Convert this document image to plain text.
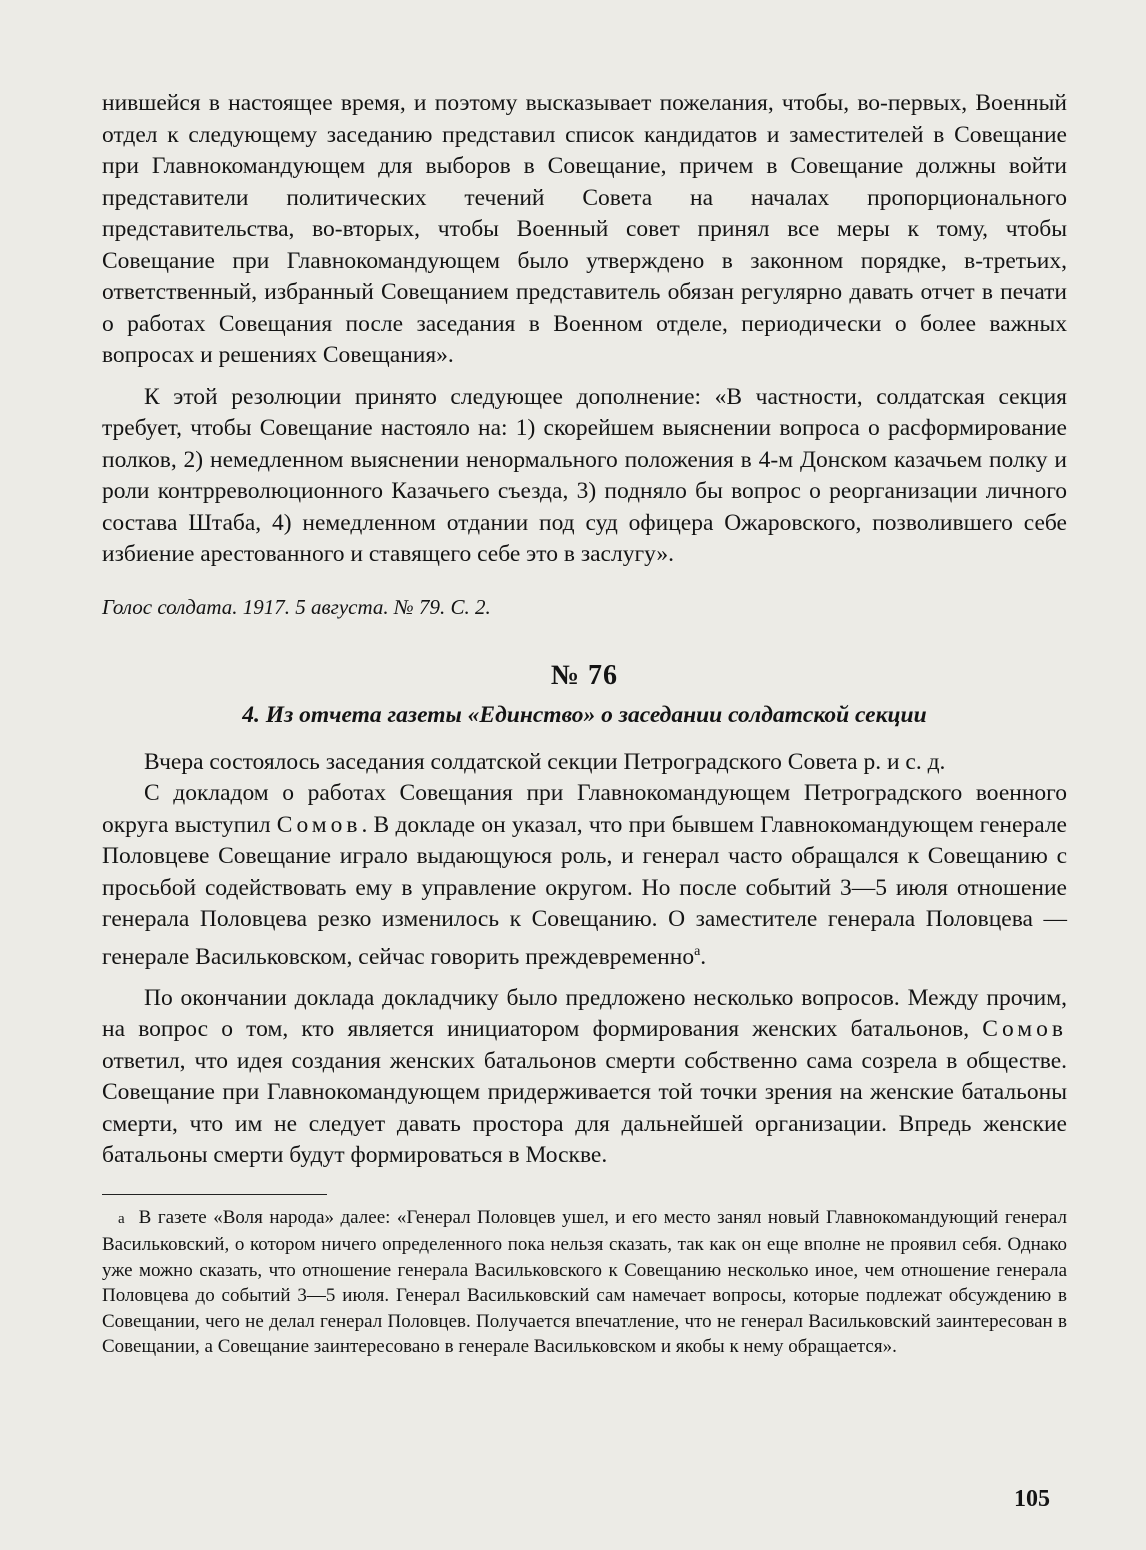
нившейся в настоящее время, и поэтому высказывает пожелания, чтобы, во-первых, Военный отдел к следующему заседанию представил список кандидатов и заместителей в Совещание при Главнокомандующем для выборов в Совещание, причем в Совещание должны войти представители политических течений Совета на началах пропорционального представительства, во-вторых, чтобы Военный совет принял все меры к тому, чтобы Совещание при Главнокомандующем было утверждено в законном порядке, в-третьих, ответственный, избранный Совещанием представитель обязан регулярно давать отчет в печати о работах Совещания после заседания в Военном отделе, периодически о более важных вопросах и решениях Совещания».

К этой резолюции принято следующее дополнение: «В частности, солдатская секция требует, чтобы Совещание настояло на: 1) скорейшем выяснении вопроса о расформирование полков, 2) немедленном выяснении ненормального положения в 4-м Донском казачьем полку и роли контрреволюционного Казачьего съезда, 3) подняло бы вопрос о реорганизации личного состава Штаба, 4) немедленном отдании под суд офицера Ожаровского, позволившего себе избиение арестованного и ставящего себе это в заслугу».

Голос солдата. 1917. 5 августа. № 79. С. 2.

№ 76

4. Из отчета газеты «Единство» о заседании солдатской секции

Вчера состоялось заседания солдатской секции Петроградского Совета р. и с. д.

С докладом о работах Совещания при Главнокомандующем Петроградского военного округа выступил Сомов. В докладе он указал, что при бывшем Главнокомандующем генерале Половцеве Совещание играло выдающуюся роль, и генерал часто обращался к Совещанию с просьбой содействовать ему в управление округом. Но после событий 3—5 июля отношение генерала Половцева резко изменилось к Совещанию. О заместителе генерала Половцева — генерале Васильковском, сейчас говорить преждевременно$^а$.

По окончании доклада докладчику было предложено несколько вопросов. Между прочим, на вопрос о том, кто является инициатором формирования женских батальонов, Сомов ответил, что идея создания женских батальонов смерти собственно сама созрела в обществе. Совещание при Главнокомандующем придерживается той точки зрения на женские батальоны смерти, что им не следует давать простора для дальнейшей организации. Впредь женские батальоны смерти будут формироваться в Москве.

а В газете «Воля народа» далее: «Генерал Половцев ушел, и его место занял новый Главнокомандующий генерал Васильковский, о котором ничего определенного пока нельзя сказать, так как он еще вполне не проявил себя. Однако уже можно сказать, что отношение генерала Васильковского к Совещанию несколько иное, чем отношение генерала Половцева до событий 3—5 июля. Генерал Васильковский сам намечает вопросы, которые подлежат обсуждению в Совещании, чего не делал генерал Половцев. Получается впечатление, что не генерал Васильковский заинтересован в Совещании, а Совещание заинтересовано в генерале Васильковском и якобы к нему обращается».

105
